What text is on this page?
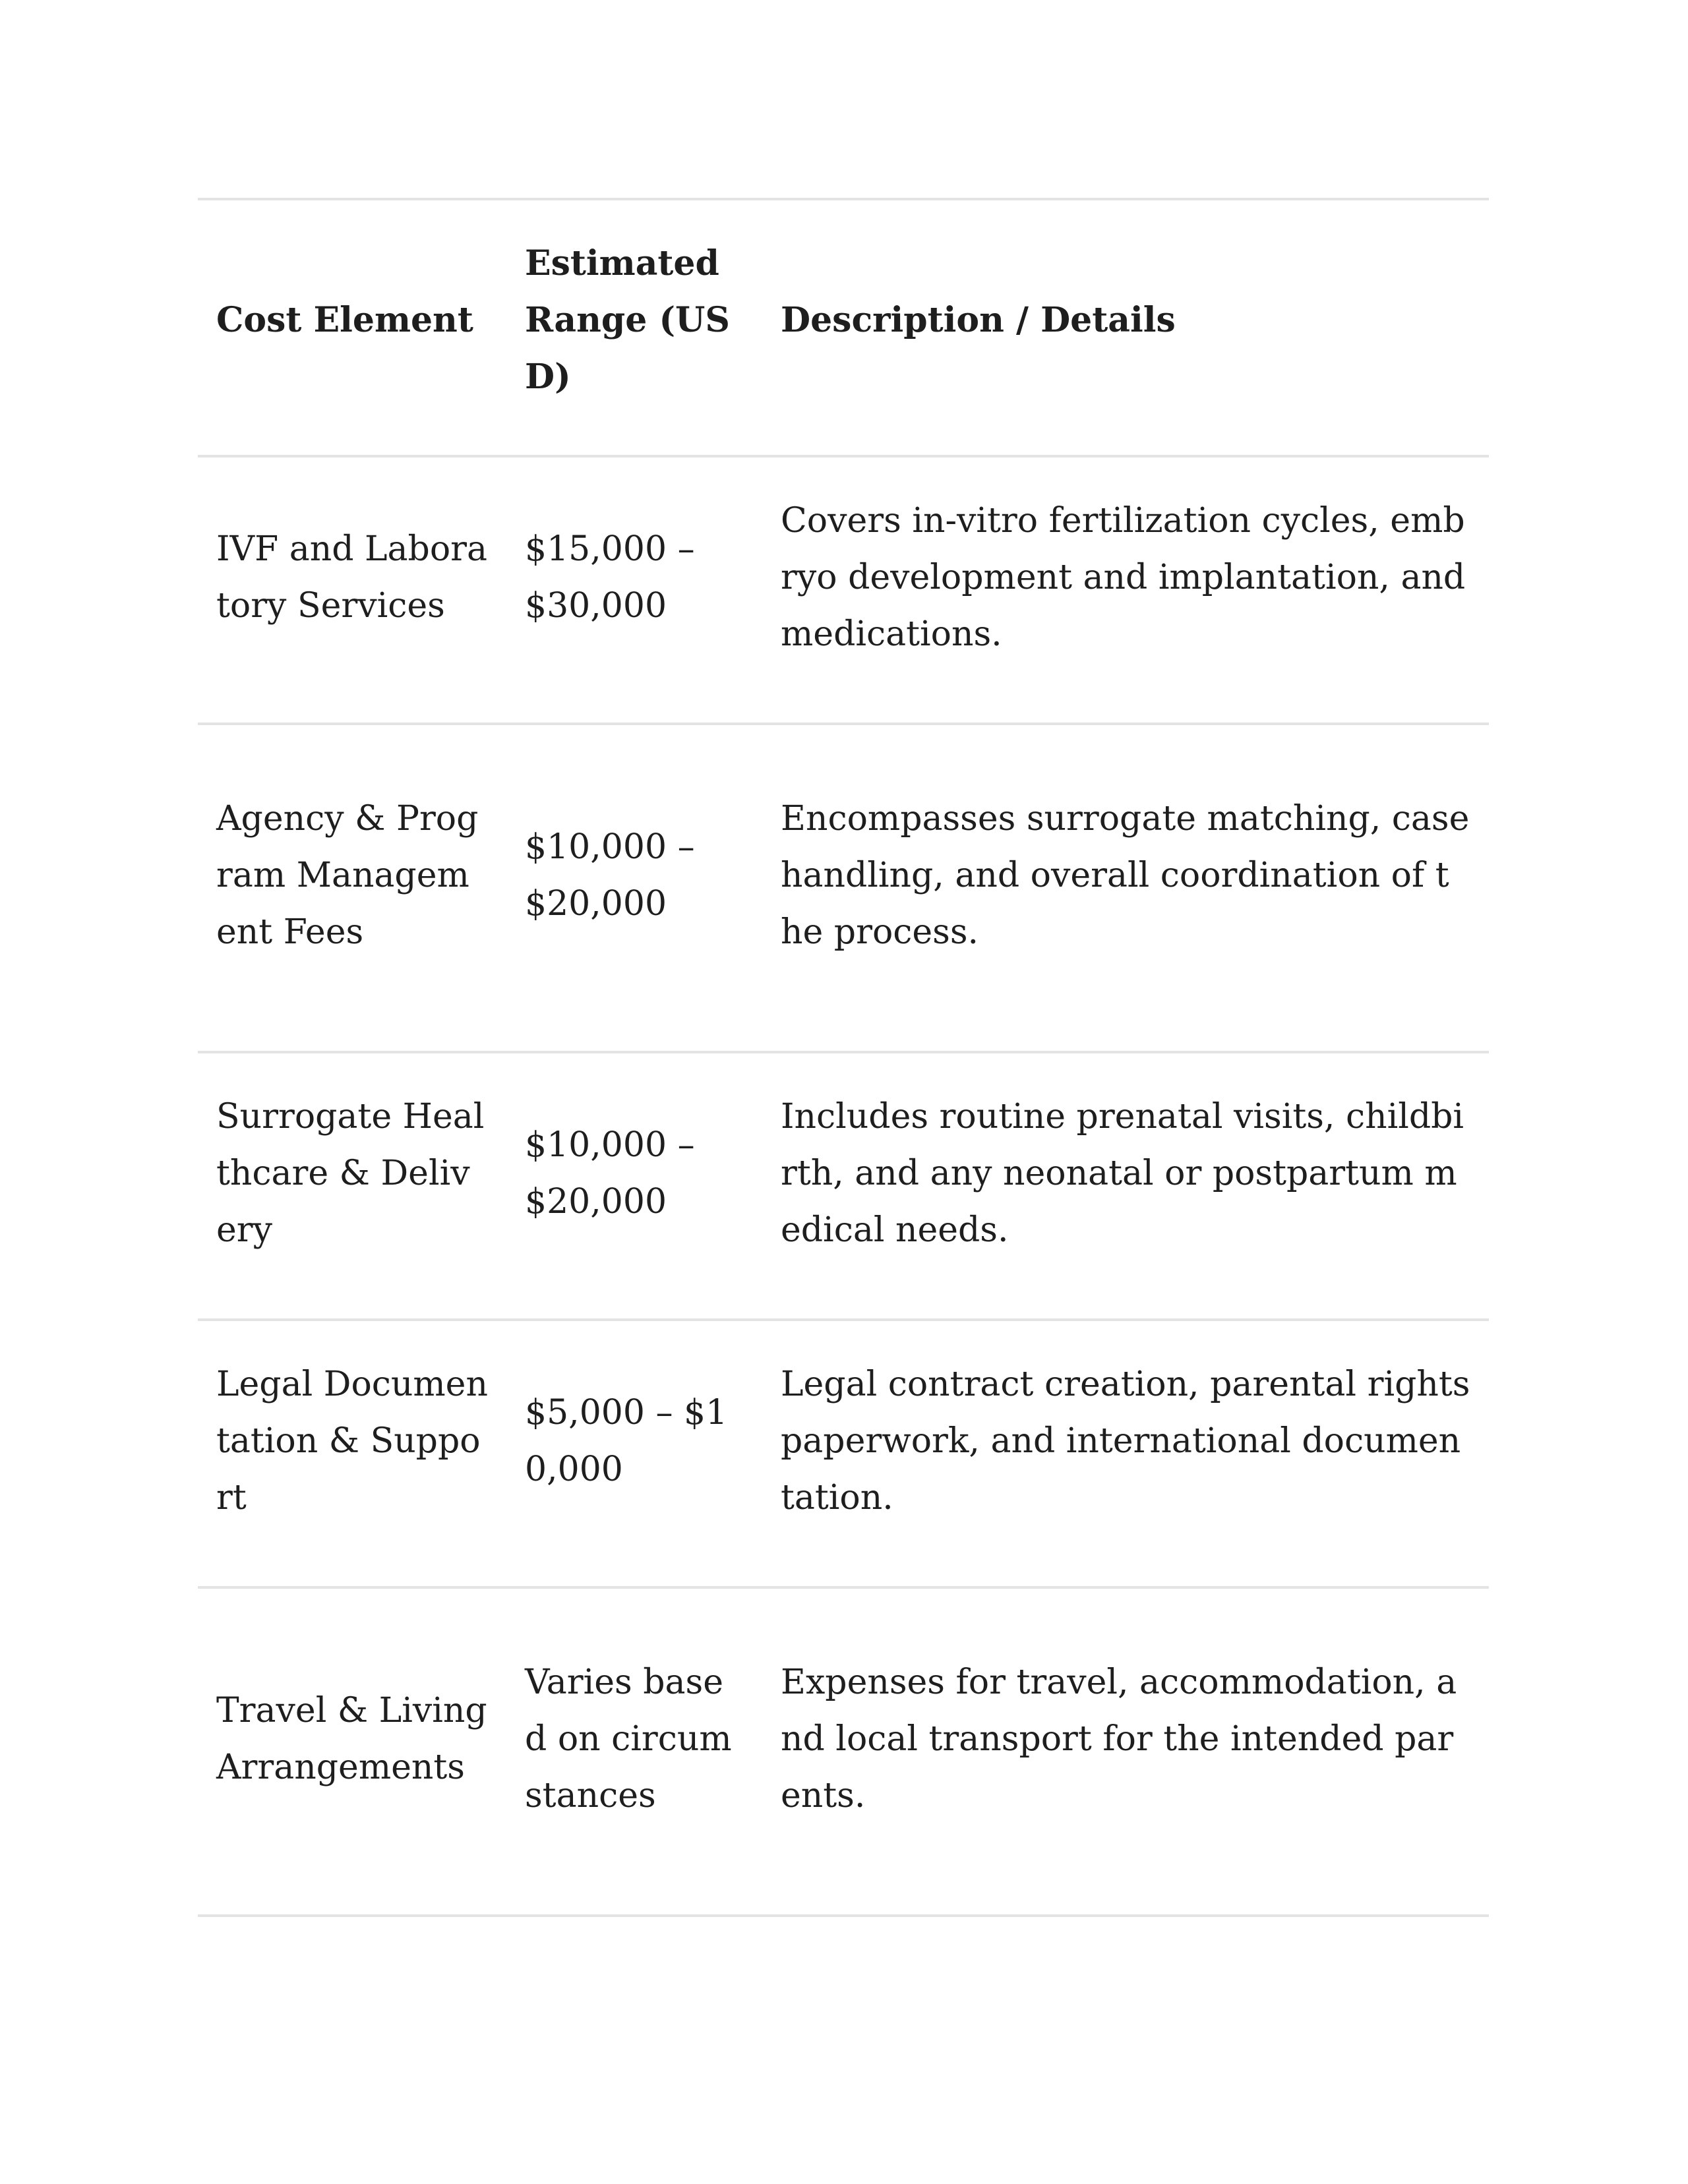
Cost Element	Estimated Range (USD)	Description / Details
IVF and Laboratory Services	$15,000 – $30,000	Covers in-vitro fertilization cycles, embryo development and implantation, and medications.
Agency & Program Management Fees	$10,000 – $20,000	Encompasses surrogate matching, case handling, and overall coordination of the process.
Surrogate Healthcare & Delivery	$10,000 – $20,000	Includes routine prenatal visits, childbirth, and any neonatal or postpartum medical needs.
Legal Documentation & Support	$5,000 – $10,000	Legal contract creation, parental rights paperwork, and international documentation.
Travel & Living Arrangements	Varies based on circumstances	Expenses for travel, accommodation, and local transport for the intended parents.
